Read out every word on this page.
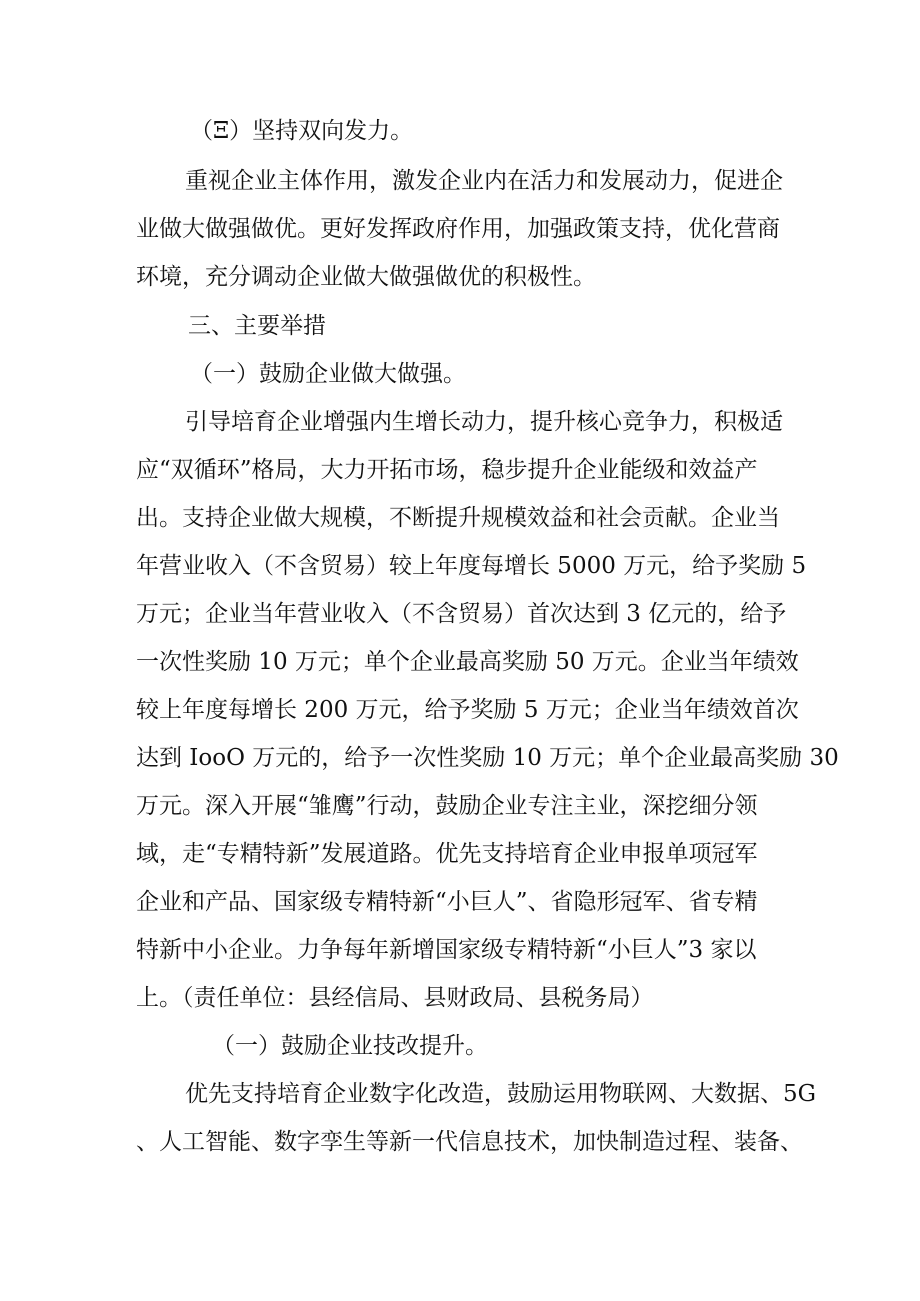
（Ξ）坚持双向发力。
重视企业主体作用，激发企业内在活力和发展动力，促进企
业做大做强做优。更好发挥政府作用，加强政策支持，优化营商
环境，充分调动企业做大做强做优的积极性。
三、主要举措
（一）鼓励企业做大做强。
引导培育企业增强内生增长动力，提升核心竞争力，积极适
应“双循环”格局，大力开拓市场，稳步提升企业能级和效益产
出。支持企业做大规模，不断提升规模效益和社会贡献。企业当
年营业收入（不含贸易）较上年度每增长 5000 万元，给予奖励 5
万元；企业当年营业收入（不含贸易）首次达到 3 亿元的，给予
一次性奖励 10 万元；单个企业最高奖励 50 万元。企业当年绩效
较上年度每增长 200 万元，给予奖励 5 万元；企业当年绩效首次
达到 IooO 万元的，给予一次性奖励 10 万元；单个企业最高奖励 30
万元。深入开展“雏鹰”行动，鼓励企业专注主业，深挖细分领
域，走“专精特新”发展道路。优先支持培育企业申报单项冠军
企业和产品、国家级专精特新“小巨人”、省隐形冠军、省专精
特新中小企业。力争每年新增国家级专精特新“小巨人”3 家以
上。（责任单位：县经信局、县财政局、县税务局）
（一）鼓励企业技改提升。
优先支持培育企业数字化改造，鼓励运用物联网、大数据、5G
、人工智能、数字孪生等新一代信息技术，加快制造过程、装备、
